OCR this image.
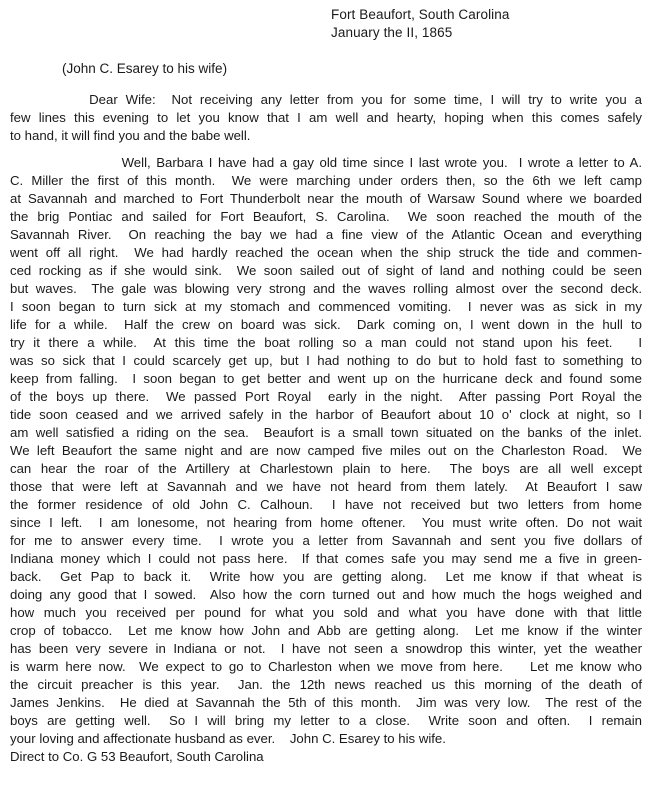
Fort Beaufort, South Carolina
January the II, 1865
(John C. Esarey to his wife)
Dear Wife:  Not receiving any letter from you for some time, I will try to write you a
few lines this evening to let you know that I am well and hearty, hoping when this comes safely
to hand, it will find you and the babe well.
Well, Barbara I have had a gay old time since I last wrote you.  I wrote a letter to A.
C. Miller the first of this month.  We were marching under orders then, so the 6th we left camp
at Savannah and marched to Fort Thunderbolt near the mouth of Warsaw Sound where we boarded
the brig Pontiac and sailed for Fort Beaufort, S. Carolina.  We soon reached the mouth of the
Savannah River.  On reaching the bay we had a fine view of the Atlantic Ocean and everything
went off all right.  We had hardly reached the ocean when the ship struck the tide and commen-
ced rocking as if she would sink.  We soon sailed out of sight of land and nothing could be seen
but waves.  The gale was blowing very strong and the waves rolling almost over the second deck.
I soon began to turn sick at my stomach and commenced vomiting.  I never was as sick in my
life for a while.  Half the crew on board was sick.  Dark coming on, I went down in the hull to
try it there a while.  At this time the boat rolling so a man could not stand upon his feet.   I
was so sick that I could scarcely get up, but I had nothing to do but to hold fast to something to
keep from falling.  I soon began to get better and went up on the hurricane deck and found some
of the boys up there.  We passed Port Royal  early in the night.  After passing Port Royal the
tide soon ceased and we arrived safely in the harbor of Beaufort about 10 o' clock at night, so I
am well satisfied a riding on the sea.  Beaufort is a small town situated on the banks of the inlet.
We left Beaufort the same night and are now camped five miles out on the Charleston Road.  We
can hear the roar of the Artillery at Charlestown plain to here.  The boys are all well except
those that were left at Savannah and we have not heard from them lately.  At Beaufort I saw
the former residence of old John C. Calhoun.  I have not received but two letters from home
since I left.  I am lonesome, not hearing from home oftener.  You must write often. Do not wait
for me to answer every time.  I wrote you a letter from Savannah and sent you five dollars of
Indiana money which I could not pass here.  If that comes safe you may send me a five in green-
back.  Get Pap to back it.  Write how you are getting along.  Let me know if that wheat is
doing any good that I sowed.  Also how the corn turned out and how much the hogs weighed and
how much you received per pound for what you sold and what you have done with that little
crop of tobacco.  Let me know how John and Abb are getting along.  Let me know if the winter
has been very severe in Indiana or not.  I have not seen a snowdrop this winter, yet the weather
is warm here now.  We expect to go to Charleston when we move from here.    Let me know who
the circuit preacher is this year.  Jan. the 12th news reached us this morning of the death of
James Jenkins.  He died at Savannah the 5th of this month.  Jim was very low.  The rest of the
boys are getting well.  So I will bring my letter to a close.  Write soon and often.  I remain
your loving and affectionate husband as ever.    John C. Esarey to his wife.
Direct to Co. G 53 Beaufort, South Carolina
